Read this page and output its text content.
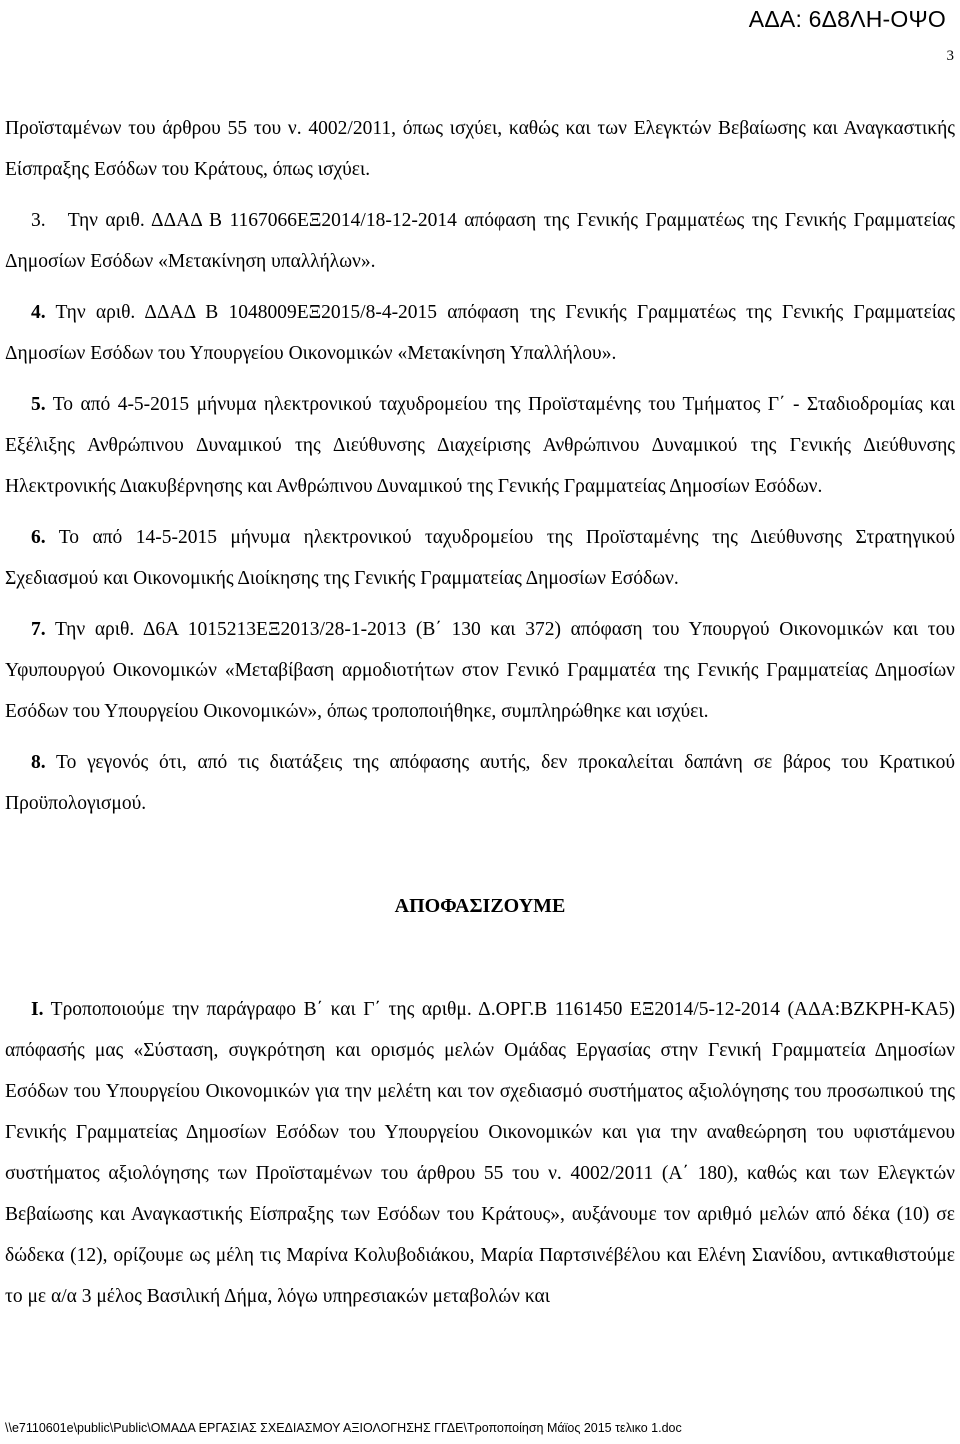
ΑΔΑ: 6Δ8ΛΗ-ΟΨΟ
3

Προϊσταμένων του άρθρου 55 του ν. 4002/2011, όπως ισχύει, καθώς και των Ελεγκτών Βεβαίωσης και Αναγκαστικής Είσπραξης Εσόδων του Κράτους, όπως ισχύει.

3. Την αριθ. ΔΔΑΔ Β 1167066ΕΞ2014/18-12-2014 απόφαση της Γενικής Γραμματέως της Γενικής Γραμματείας Δημοσίων Εσόδων «Μετακίνηση υπαλλήλων».

4. Την αριθ. ΔΔΑΔ Β 1048009ΕΞ2015/8-4-2015 απόφαση της Γενικής Γραμματέως της Γενικής Γραμματείας Δημοσίων Εσόδων του Υπουργείου Οικονομικών «Μετακίνηση Υπαλλήλου».

5. Το από 4-5-2015 μήνυμα ηλεκτρονικού ταχυδρομείου της Προϊσταμένης του Τμήματος Γ΄ - Σταδιοδρομίας και Εξέλιξης Ανθρώπινου Δυναμικού της Διεύθυνσης Διαχείρισης Ανθρώπινου Δυναμικού της Γενικής Διεύθυνσης Ηλεκτρονικής Διακυβέρνησης και Ανθρώπινου Δυναμικού της Γενικής Γραμματείας Δημοσίων Εσόδων.

6. Το από 14-5-2015 μήνυμα ηλεκτρονικού ταχυδρομείου της Προϊσταμένης της Διεύθυνσης Στρατηγικού Σχεδιασμού και Οικονομικής Διοίκησης της Γενικής Γραμματείας Δημοσίων Εσόδων.

7. Την αριθ. Δ6Α 1015213ΕΞ2013/28-1-2013 (Β΄ 130 και 372) απόφαση του Υπουργού Οικονομικών και του Υφυπουργού Οικονομικών «Μεταβίβαση αρμοδιοτήτων στον Γενικό Γραμματέα της Γενικής Γραμματείας Δημοσίων Εσόδων του Υπουργείου Οικονομικών», όπως τροποποιήθηκε, συμπληρώθηκε και ισχύει.

8. Το γεγονός ότι, από τις διατάξεις της απόφασης αυτής, δεν προκαλείται δαπάνη σε βάρος του Κρατικού Προϋπολογισμού.

ΑΠΟΦΑΣΙΖΟΥΜΕ

Ι. Τροποποιούμε την παράγραφο Β΄ και Γ΄ της αριθμ. Δ.ΟΡΓ.Β 1161450 ΕΞ2014/5-12-2014 (ΑΔΑ:ΒΖΚΡΗ-ΚΑ5) απόφασής μας «Σύσταση, συγκρότηση και ορισμός μελών Ομάδας Εργασίας στην Γενική Γραμματεία Δημοσίων Εσόδων του Υπουργείου Οικονομικών για την μελέτη και τον σχεδιασμό συστήματος αξιολόγησης του προσωπικού της Γενικής Γραμματείας Δημοσίων Εσόδων του Υπουργείου Οικονομικών και για την αναθεώρηση του υφιστάμενου συστήματος αξιολόγησης των Προϊσταμένων του άρθρου 55 του ν. 4002/2011 (Α΄ 180), καθώς και των Ελεγκτών Βεβαίωσης και Αναγκαστικής Είσπραξης των Εσόδων του Κράτους», αυξάνουμε τον αριθμό μελών από δέκα (10) σε δώδεκα (12), ορίζουμε ως μέλη τις Μαρίνα Κολυβοδιάκου, Μαρία Παρτσινέβέλου και Ελένη Σιανίδου, αντικαθιστούμε το με α/α 3 μέλος Βασιλική Δήμα, λόγω υπηρεσιακών μεταβολών και

\\e7110601e\public\Public\ΟΜΑΔΑ ΕΡΓΑΣΙΑΣ ΣΧΕΔΙΑΣΜΟΥ ΑΞΙΟΛΟΓΗΣΗΣ ΓΓΔΕ\Τροποποίηση Μάϊος 2015 τελικο 1.doc
